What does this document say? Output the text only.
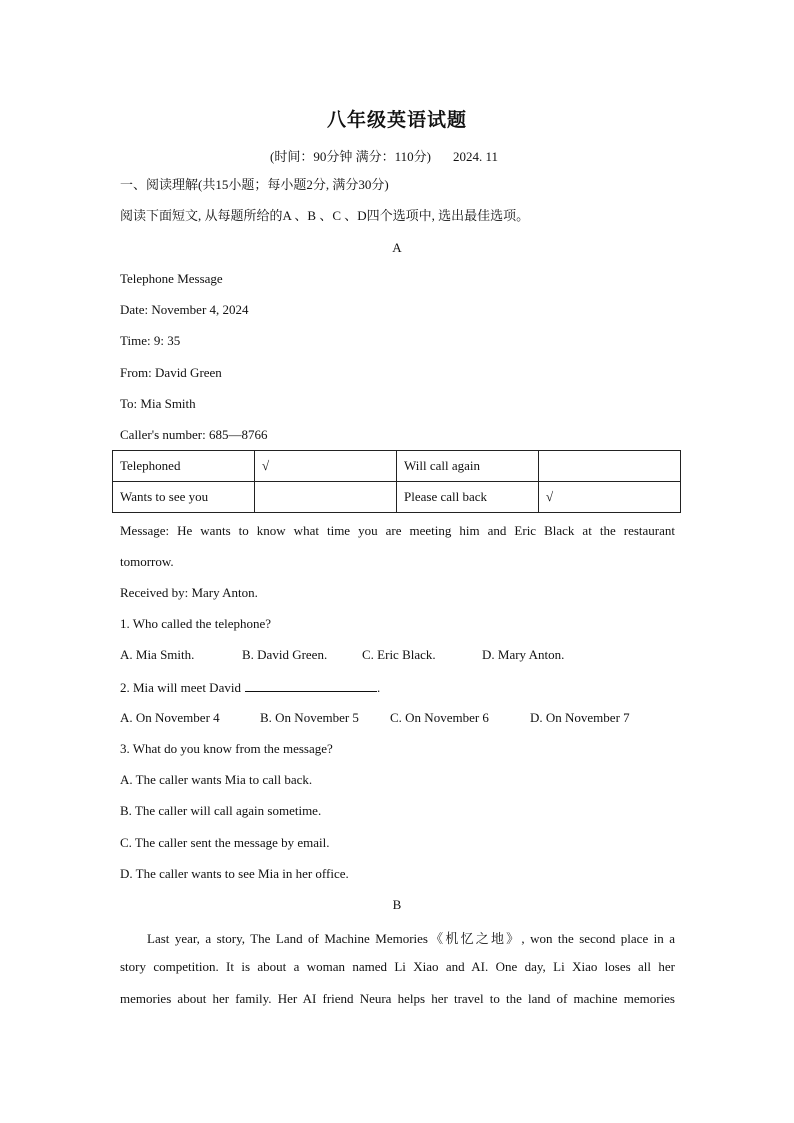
八年级英语试题
(时间：90分钟 满分：110分) 2024. 11
一、阅读理解(共15小题；每小题2分, 满分30分)
阅读下面短文, 从每题所给的A 、B 、C 、D四个选项中, 选出最佳选项。
A
Telephone Message
Date: November 4, 2024
Time: 9: 35
From: David Green
To: Mia Smith
Caller's number: 685—8766
Telephoned	√	Will call again	
Wants to see you		Please call back	√
Message: He wants to know what time you are meeting him and Eric Black at the restaurant
tomorrow.
Received by: Mary Anton.
1. Who called the telephone?
A. Mia Smith.	B. David Green.	C. Eric Black.	D. Mary Anton.
2. Mia will meet David	.
A. On November 4	B. On November 5 C. On November 6	D. On November 7
3. What do you know from the message?
A. The caller wants Mia to call back.
B. The caller will call again sometime.
C. The caller sent the message by email.
D. The caller wants to see Mia in her office.
B
Last year, a story, The Land of Machine Memories《机忆之地》, won the second place in a
story competition. It is about a woman named Li Xiao and AI. One day, Li Xiao loses all her
memories about her family. Her AI friend Neura helps her travel to the land of machine memories
